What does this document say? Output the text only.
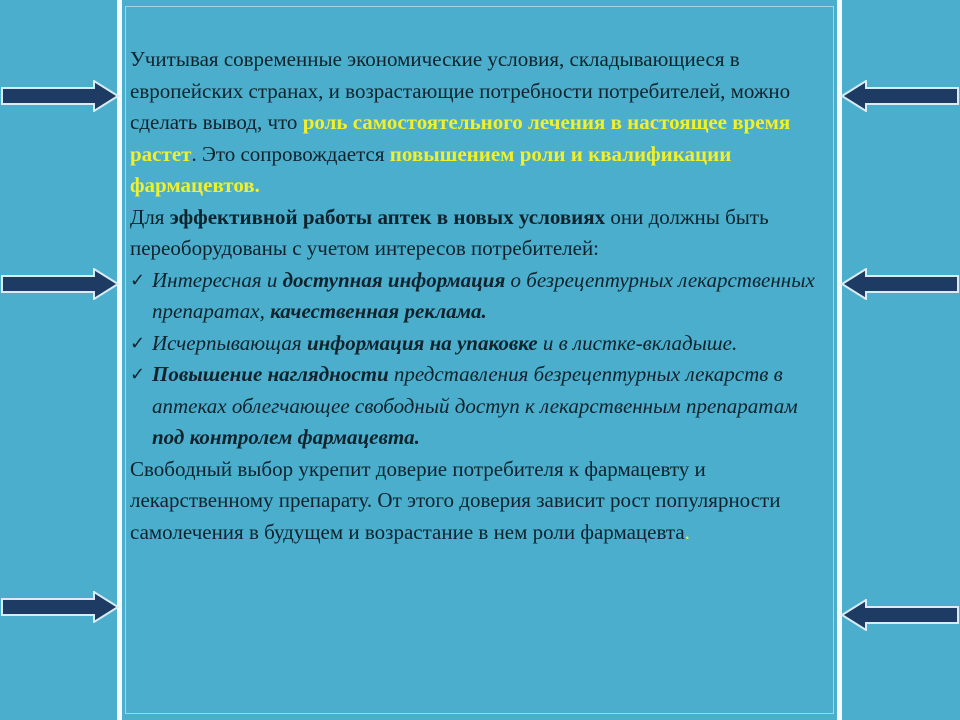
Учитывая современные экономические условия, складывающиеся в европейских странах, и возрастающие потребности потребителей, можно сделать вывод, что роль самостоятельного лечения в настоящее время растет. Это сопровождается повышением роли и квалификации фармацевтов.

Для эффективной работы аптек в новых условиях они должны быть переоборудованы с учетом интересов потребителей:

✓ Интересная и доступная информация о безрецептурных лекарственных препаратах, качественная реклама.
✓ Исчерпывающая информация на упаковке и в листке-вкладыше.
✓ Повышение наглядности представления безрецептурных лекарств в аптеках облегчающее свободный доступ к лекарственным препаратам под контролем фармацевта.

Свободный выбор укрепит доверие потребителя к фармацевту и лекарственному препарату. От этого доверия зависит рост популярности самолечения в будущем и возрастание в нем роли фармацевта.
